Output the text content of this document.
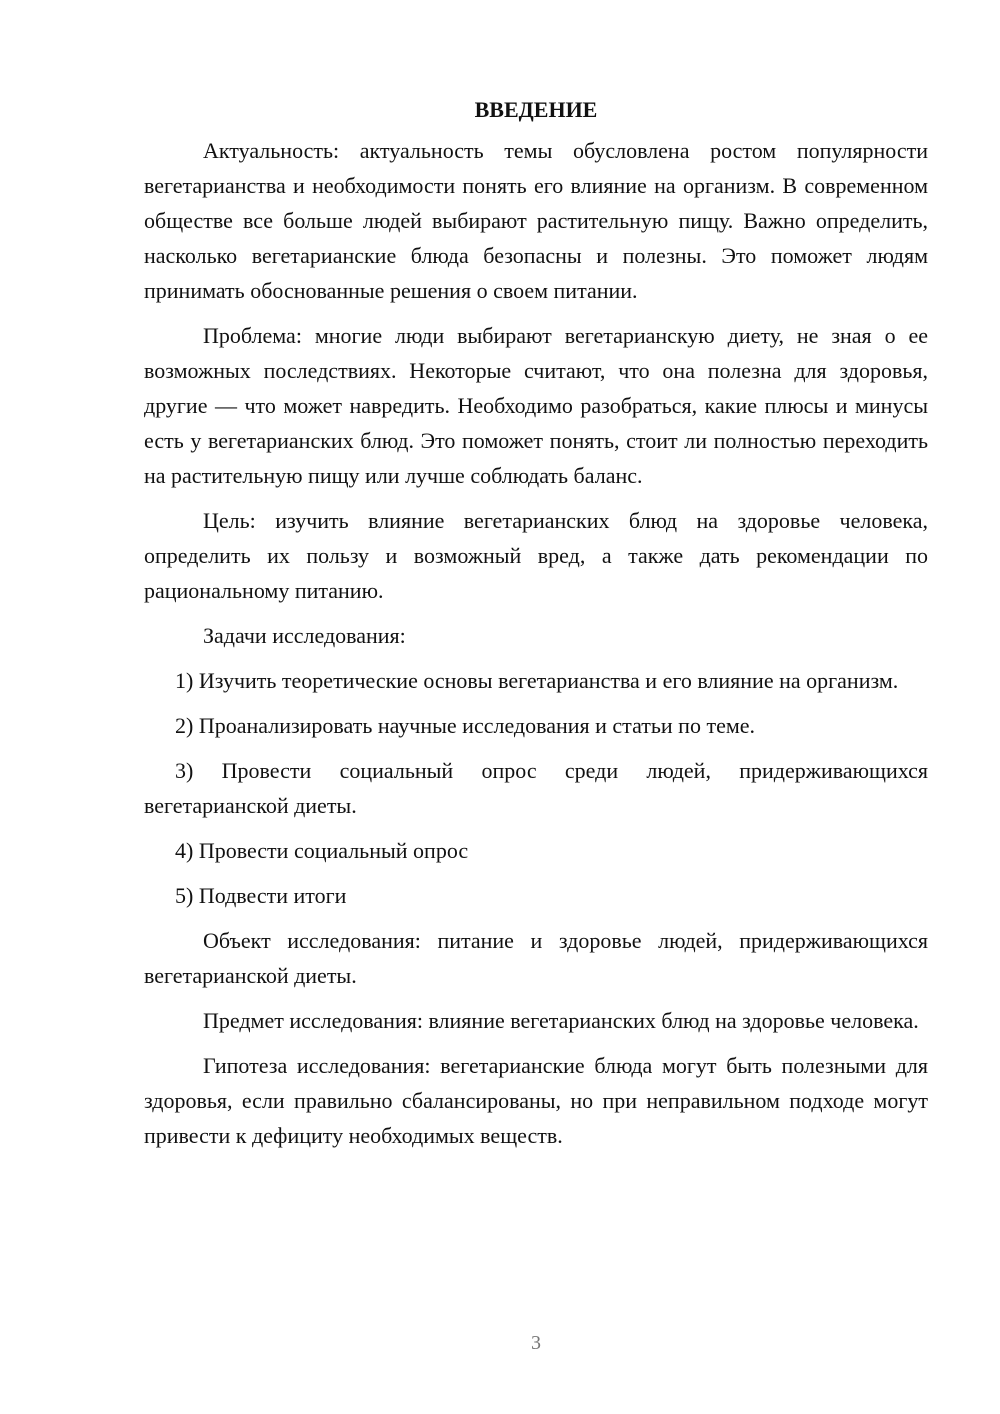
ВВЕДЕНИЕ

Актуальность: актуальность темы обусловлена ростом популярности вегетарианства и необходимости понять его влияние на организм. В современном обществе все больше людей выбирают растительную пищу. Важно определить, насколько вегетарианские блюда безопасны и полезны. Это поможет людям принимать обоснованные решения о своем питании.

Проблема: многие люди выбирают вегетарианскую диету, не зная о ее возможных последствиях. Некоторые считают, что она полезна для здоровья, другие — что может навредить. Необходимо разобраться, какие плюсы и минусы есть у вегетарианских блюд. Это поможет понять, стоит ли полностью переходить на растительную пищу или лучше соблюдать баланс.

Цель: изучить влияние вегетарианских блюд на здоровье человека, определить их пользу и возможный вред, а также дать рекомендации по рациональному питанию.

Задачи исследования:

1) Изучить теоретические основы вегетарианства и его влияние на организм.

2) Проанализировать научные исследования и статьи по теме.

3) Провести социальный опрос среди людей, придерживающихся вегетарианской диеты.

4) Провести социальный опрос

5) Подвести итоги

Объект исследования: питание и здоровье людей, придерживающихся вегетарианской диеты.

Предмет исследования: влияние вегетарианских блюд на здоровье человека.

Гипотеза исследования: вегетарианские блюда могут быть полезными для здоровья, если правильно сбалансированы, но при неправильном подходе могут привести к дефициту необходимых веществ.

3
